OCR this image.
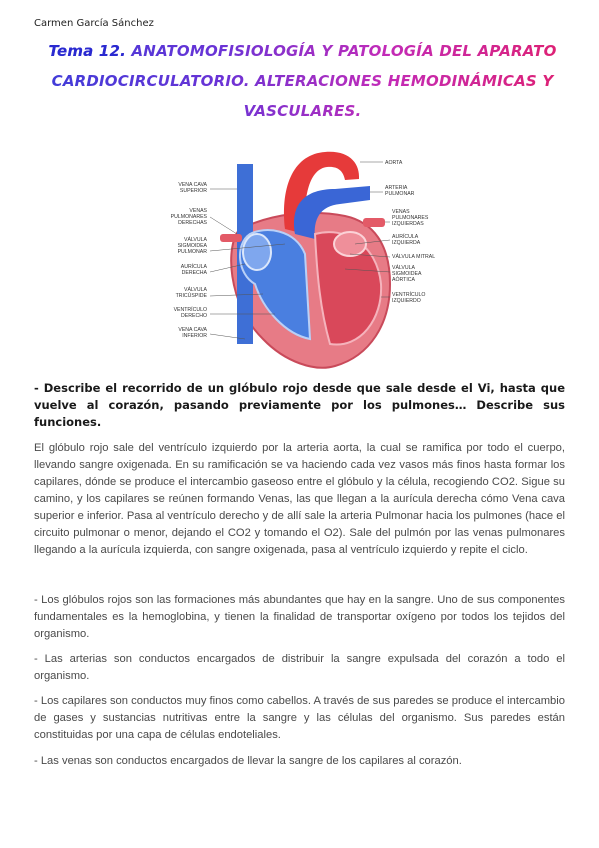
Carmen García Sánchez
Tema 12. ANATOMOFISIOLOGÍA Y PATOLOGÍA DEL APARATO
CARDIOCIRCULATORIO. ALTERACIONES HEMODINÁMICAS Y
VASCULARES.
VENA CAVA
SUPERIOR
VENAS
PULMONARES
DERECHAS
VÁLVULA
SIGMOIDEA
PULMONAR
AURÍCULA
DERECHA
VÁLVULA
TRICÚSPIDE
VENTRÍCULO
DERECHO
VENA CAVA
INFERIOR
AORTA
ARTERIA
PULMONAR
VENAS
PULMONARES
IZQUIERDAS
AURÍCULA
IZQUIERDA
VÁLVULA MITRAL
VÁLVULA
SIGMOIDEA
AÓRTICA
VENTRÍCULO
IZQUIERDO
- Describe el recorrido de un glóbulo rojo desde que sale desde el Vi, hasta que vuelve al corazón, pasando previamente por los pulmones… Describe sus funciones.
El glóbulo rojo sale del ventrículo izquierdo por la arteria aorta, la cual se ramifica por todo el cuerpo, llevando sangre oxigenada. En su ramificación se va haciendo cada vez vasos más finos hasta formar los capilares, dónde se produce el intercambio gaseoso entre el glóbulo y la célula, recogiendo CO2. Sigue su camino, y los capilares se reúnen formando Venas, las que llegan a la aurícula derecha cómo Vena cava superior e inferior. Pasa al ventrículo derecho y de allí sale la arteria Pulmonar hacia los pulmones (hace el circuito pulmonar o menor, dejando el CO2 y tomando el O2). Sale del pulmón por las venas pulmonares llegando a la aurícula izquierda, con sangre oxigenada, pasa al ventrículo izquierdo y repite el ciclo.
- Los glóbulos rojos son las formaciones más abundantes que hay en la sangre. Uno de sus componentes fundamentales es la hemoglobina, y tienen la finalidad de transportar oxígeno por todos los tejidos del organismo.
- Las arterias son conductos encargados de distribuir la sangre expulsada del corazón a todo el organismo.
- Los capilares son conductos muy finos como cabellos. A través de sus paredes se produce el intercambio de gases y sustancias nutritivas entre la sangre y las células del organismo. Sus paredes están constituidas por una capa de células endoteliales.
- Las venas son conductos encargados de llevar la sangre de los capilares al corazón.
